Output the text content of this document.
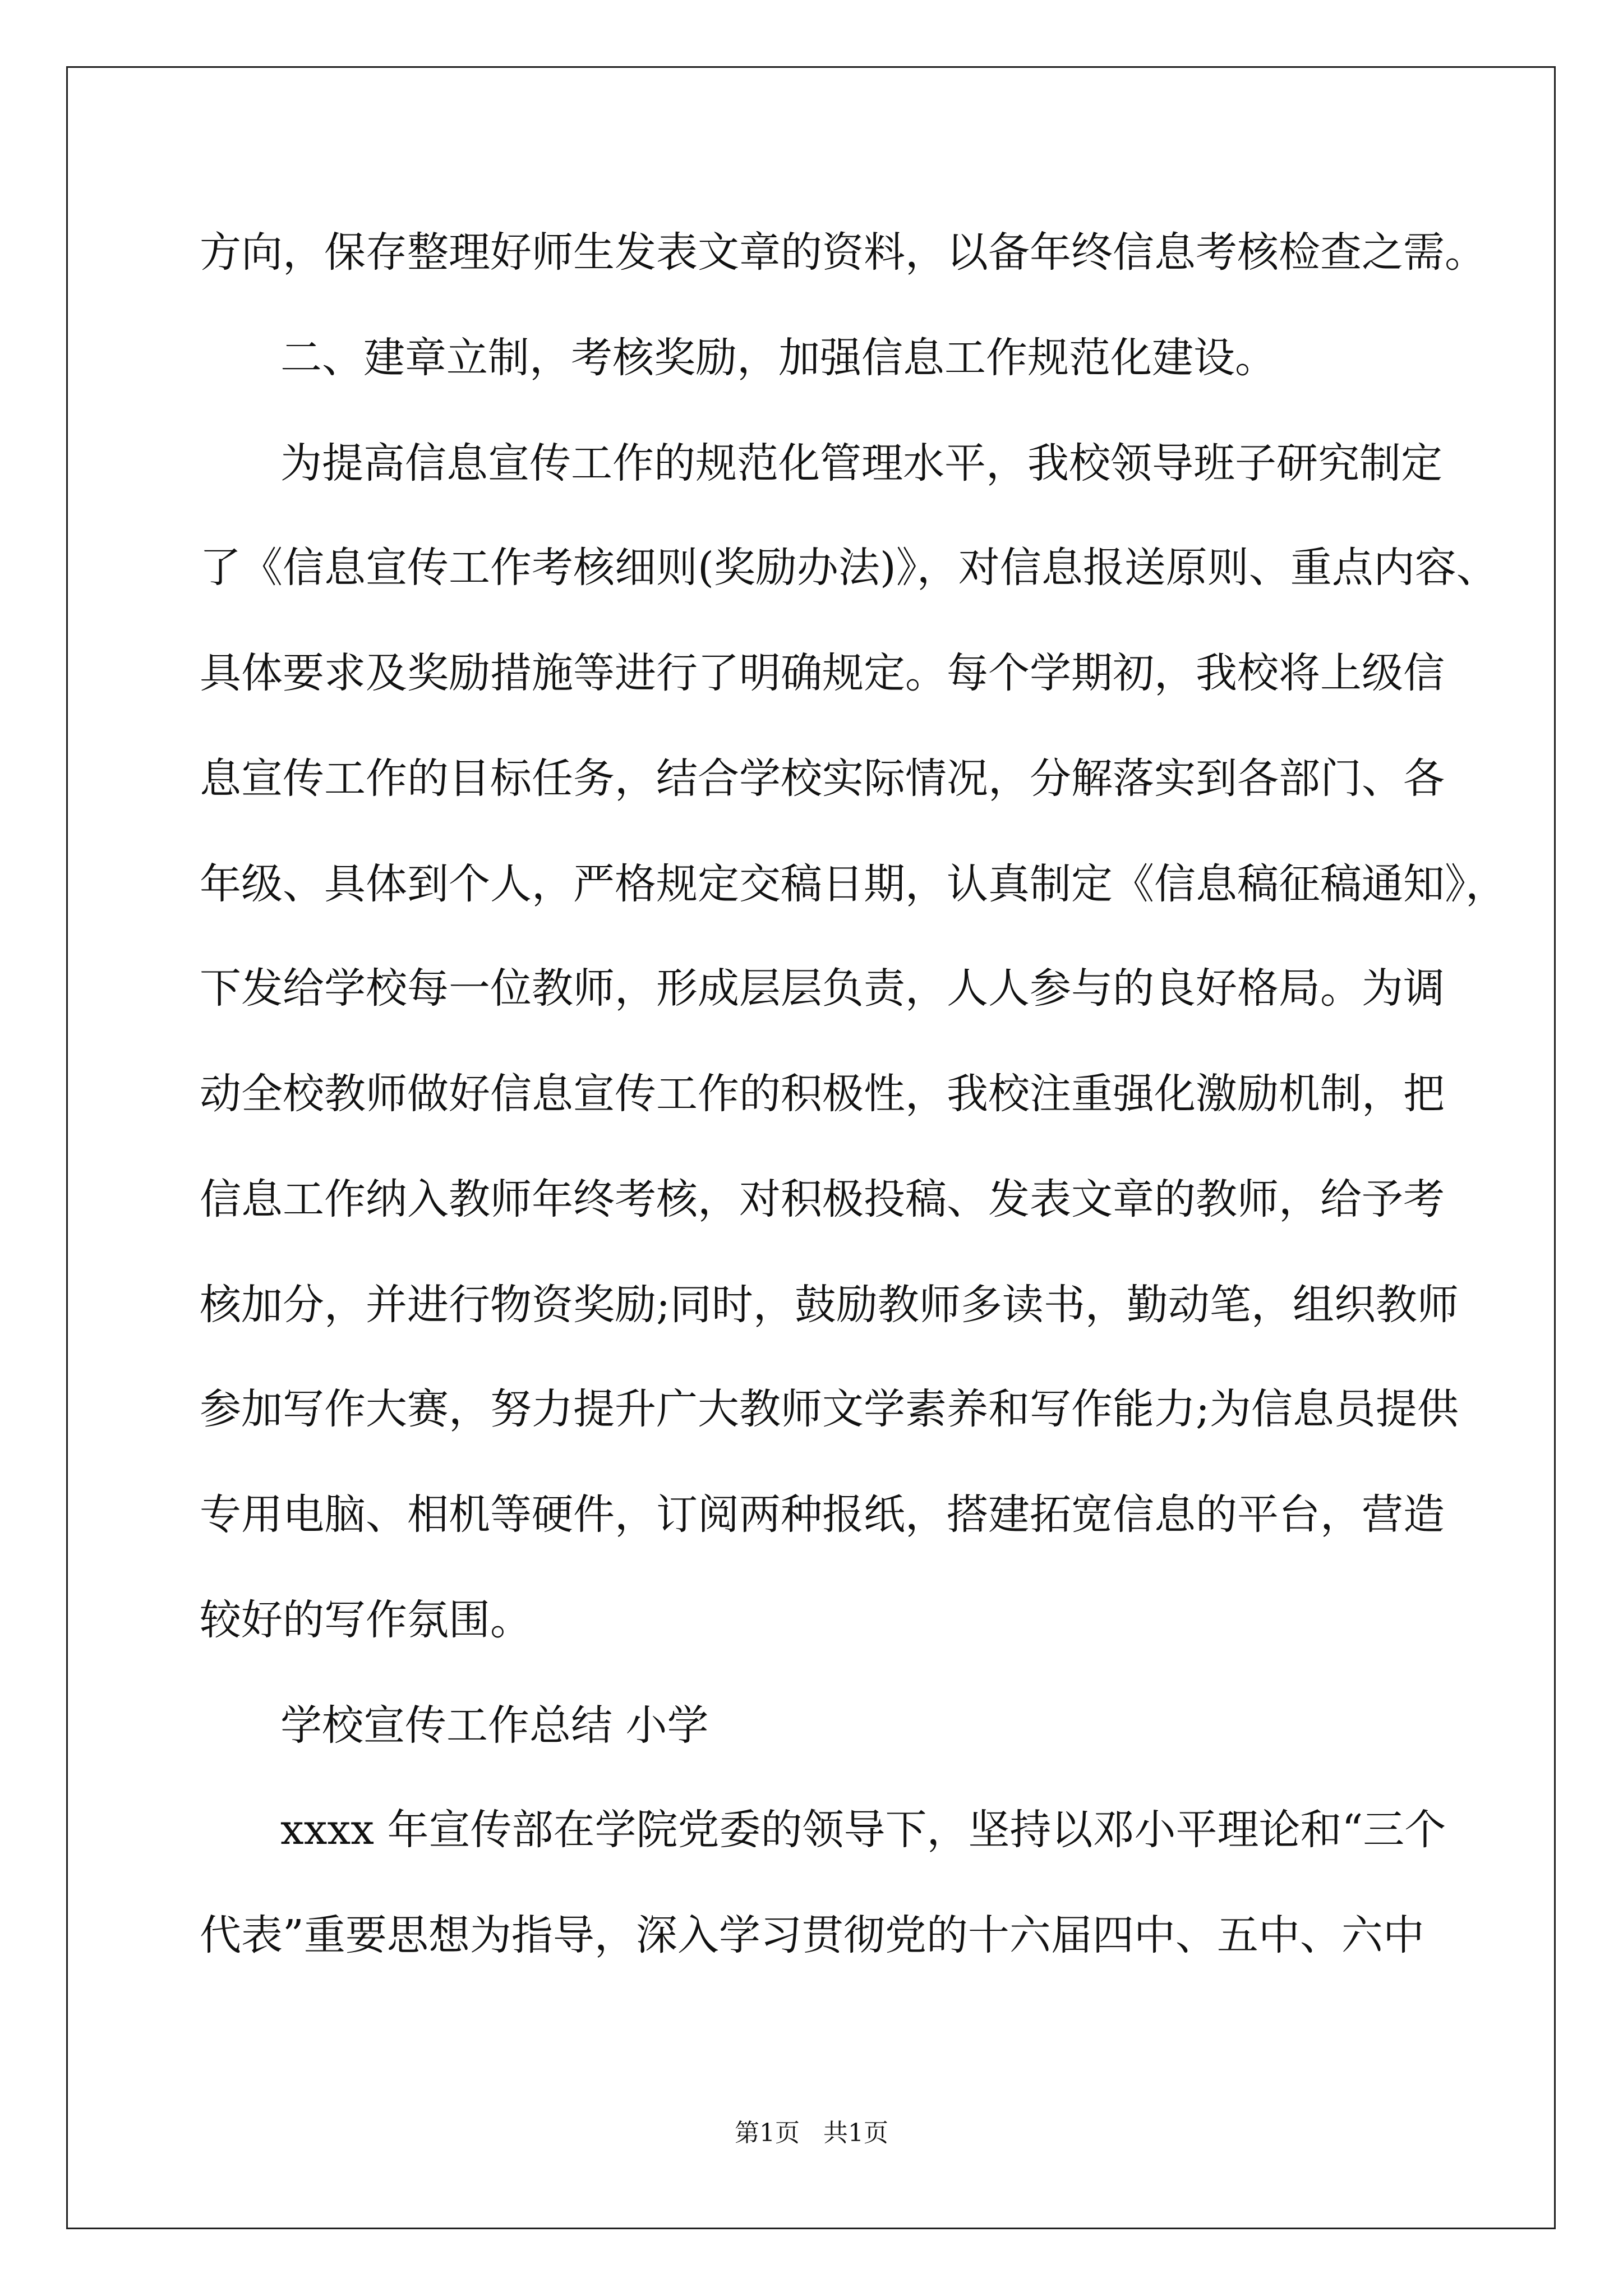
方向，保存整理好师生发表文章的资料，以备年终信息考核检查之需。
二、建章立制，考核奖励，加强信息工作规范化建设。
为提高信息宣传工作的规范化管理水平，我校领导班子研究制定
了《信息宣传工作考核细则(奖励办法)》，对信息报送原则、重点内容、
具体要求及奖励措施等进行了明确规定。每个学期初，我校将上级信
息宣传工作的目标任务，结合学校实际情况，分解落实到各部门、各
年级、具体到个人，严格规定交稿日期，认真制定《信息稿征稿通知》，
下发给学校每一位教师，形成层层负责，人人参与的良好格局。为调
动全校教师做好信息宣传工作的积极性，我校注重强化激励机制，把
信息工作纳入教师年终考核，对积极投稿、发表文章的教师，给予考
核加分，并进行物资奖励;同时，鼓励教师多读书，勤动笔，组织教师
参加写作大赛，努力提升广大教师文学素养和写作能力;为信息员提供
专用电脑、相机等硬件，订阅两种报纸，搭建拓宽信息的平台，营造
较好的写作氛围。
学校宣传工作总结 小学
xxxx 年宣传部在学院党委的领导下，坚持以邓小平理论和“三个
代表”重要思想为指导，深入学习贯彻党的十六届四中、五中、六中
第1页   共1页
